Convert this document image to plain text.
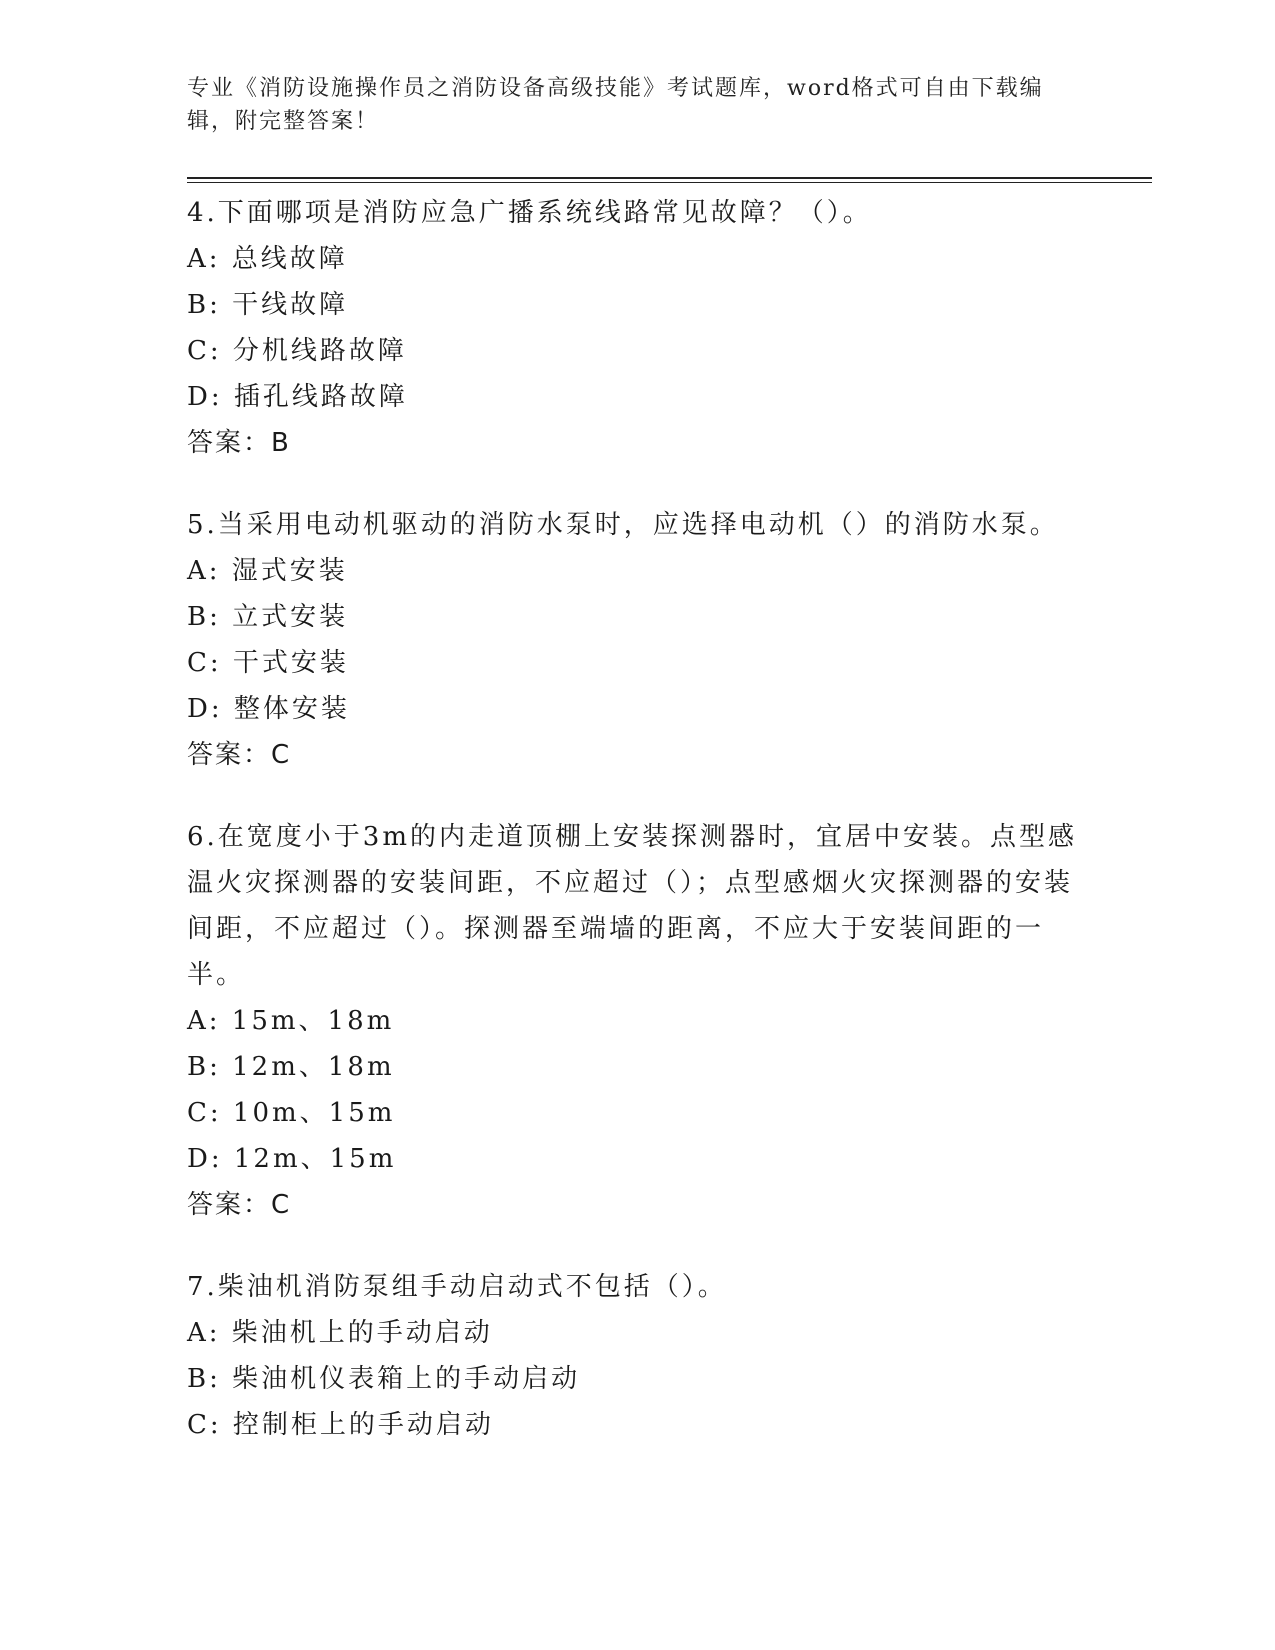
专业《消防设施操作员之消防设备高级技能》考试题库，word格式可自由下载编辑，附完整答案！

4.下面哪项是消防应急广播系统线路常见故障？（）。

A: 总线故障

B: 干线故障

C: 分机线路故障

D: 插孔线路故障

答案：B

5.当采用电动机驱动的消防水泵时，应选择电动机（）的消防水泵。

A: 湿式安装

B: 立式安装

C: 干式安装

D: 整体安装

答案：C

6.在宽度小于3m的内走道顶棚上安装探测器时，宜居中安装。点型感温火灾探测器的安装间距，不应超过（）；点型感烟火灾探测器的安装间距，不应超过（）。探测器至端墙的距离，不应大于安装间距的一半。

A: 15m、18m

B: 12m、18m

C: 10m、15m

D: 12m、15m

答案：C

7.柴油机消防泵组手动启动式不包括（）。

A: 柴油机上的手动启动

B: 柴油机仪表箱上的手动启动

C: 控制柜上的手动启动
